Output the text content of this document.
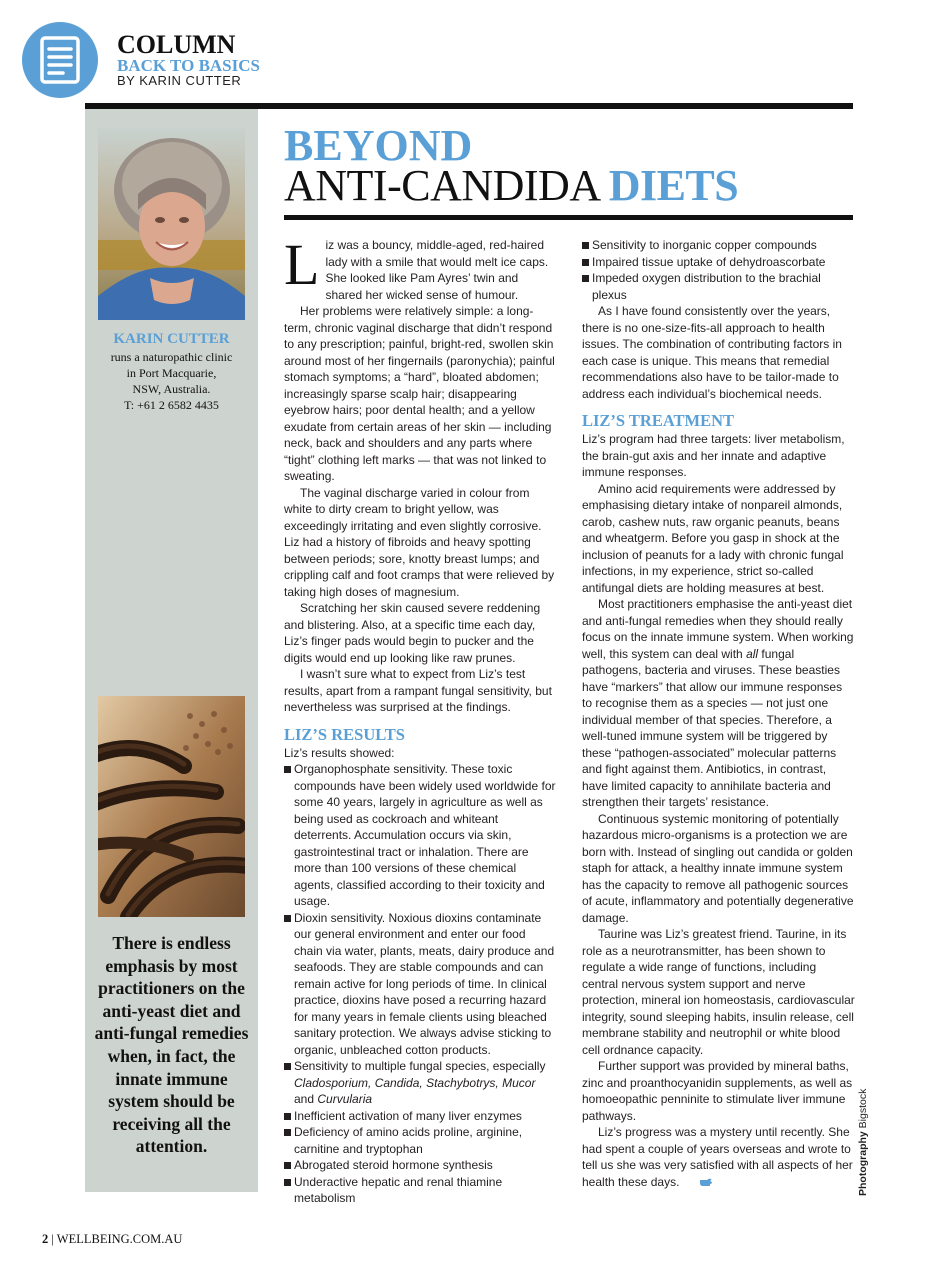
COLUMN
BACK TO BASICS
BY KARIN CUTTER
KARIN CUTTER
runs a naturopathic clinic
in Port Macquarie,
NSW, Australia.
T: +61 2 6582 4435
There is endless emphasis by most practitioners on the anti-yeast diet and anti-fungal remedies when, in fact, the innate immune system should be receiving all the attention.
BEYOND
ANTI-CANDIDA DIETS

Liz was a bouncy, middle-aged, red-haired lady with a smile that would melt ice caps. She looked like Pam Ayres’ twin and shared her wicked sense of humour.

Her problems were relatively simple: a long-term, chronic vaginal discharge that didn’t respond to any prescription; painful, bright-red, swollen skin around most of her fingernails (paronychia); painful stomach symptoms; a “hard”, bloated abdomen; increasingly sparse scalp hair; disappearing eyebrow hairs; poor dental health; and a yellow exudate from certain areas of her skin — including neck, back and shoulders and any parts where “tight” clothing left marks — that was not linked to sweating.

The vaginal discharge varied in colour from white to dirty cream to bright yellow, was exceedingly irritating and even slightly corrosive. Liz had a history of fibroids and heavy spotting between periods; sore, knotty breast lumps; and crippling calf and foot cramps that were relieved by taking high doses of magnesium.

Scratching her skin caused severe reddening and blistering. Also, at a specific time each day, Liz’s finger pads would begin to pucker and the digits would end up looking like raw prunes.

I wasn’t sure what to expect from Liz’s test results, apart from a rampant fungal sensitivity, but nevertheless was surprised at the findings.

LIZ’S RESULTS

Liz’s results showed:

Organophosphate sensitivity. These toxic compounds have been widely used worldwide for some 40 years, largely in agriculture as well as being used as cockroach and whiteant deterrents. Accumulation occurs via skin, gastrointestinal tract or inhalation. There are more than 100 versions of these chemical agents, classified according to their toxicity and usage.
Dioxin sensitivity. Noxious dioxins contaminate our general environment and enter our food chain via water, plants, meats, dairy produce and seafoods. They are stable compounds and can remain active for long periods of time. In clinical practice, dioxins have posed a recurring hazard for many years in female clients using bleached sanitary protection. We always advise sticking to organic, unbleached cotton products.
Sensitivity to multiple fungal species, especially Cladosporium, Candida, Stachybotrys, Mucor and Curvularia
Inefficient activation of many liver enzymes
Deficiency of amino acids proline, arginine, carnitine and tryptophan
Abrogated steroid hormone synthesis
Underactive hepatic and renal thiamine metabolism
Sensitivity to inorganic copper compounds
Impaired tissue uptake of dehydroascorbate
Impeded oxygen distribution to the brachial plexus

As I have found consistently over the years, there is no one-size-fits-all approach to health issues. The combination of contributing factors in each case is unique. This means that remedial recommendations also have to be tailor-made to address each individual’s biochemical needs.

LIZ’S TREATMENT

Liz’s program had three targets: liver metabolism, the brain-gut axis and her innate and adaptive immune responses.

Amino acid requirements were addressed by emphasising dietary intake of nonpareil almonds, carob, cashew nuts, raw organic peanuts, beans and wheatgerm. Before you gasp in shock at the inclusion of peanuts for a lady with chronic fungal infections, in my experience, strict so-called antifungal diets are holding measures at best.

Most practitioners emphasise the anti-yeast diet and anti-fungal remedies when they should really focus on the innate immune system. When working well, this system can deal with all fungal pathogens, bacteria and viruses. These beasties have “markers” that allow our immune responses to recognise them as a species — not just one individual member of that species. Therefore, a well-tuned immune system will be triggered by these “pathogen-associated” molecular patterns and fight against them. Antibiotics, in contrast, have limited capacity to annihilate bacteria and strengthen their targets’ resistance.

Continuous systemic monitoring of potentially hazardous micro-organisms is a protection we are born with. Instead of singling out candida or golden staph for attack, a healthy innate immune system has the capacity to remove all pathogenic sources of acute, inflammatory and potentially degenerative damage.

Taurine was Liz’s greatest friend. Taurine, in its role as a neurotransmitter, has been shown to regulate a wide range of functions, including central nervous system support and nerve protection, mineral ion homeostasis, cardiovascular integrity, sound sleeping habits, insulin release, cell membrane stability and neutrophil or white blood cell ordnance capacity.

Further support was provided by mineral baths, zinc and proanthocyanidin supplements, as well as homoeopathic penninite to stimulate liver immune pathways.

Liz’s progress was a mystery until recently. She had spent a couple of years overseas and wrote to tell us she was very satisfied with all aspects of her health these days.	Photography Bigstock
2 | WELLBEING.COM.AU
